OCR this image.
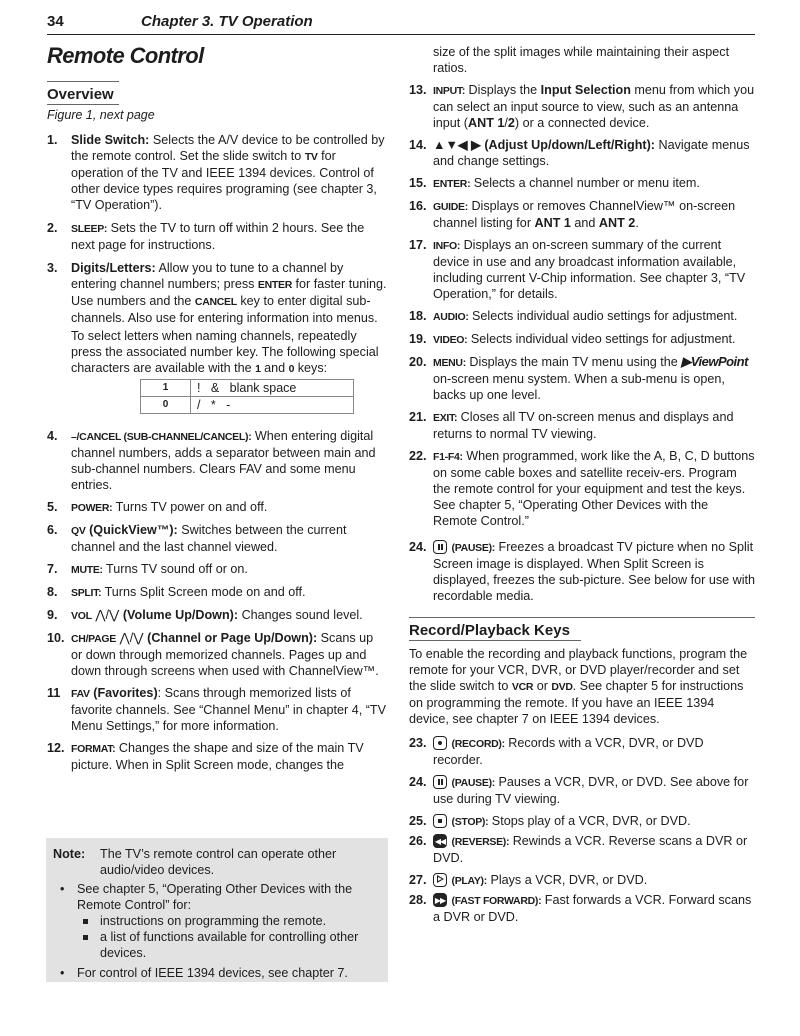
34	Chapter 3. TV Operation
Remote Control
Overview
Figure 1, next page
1. Slide Switch: Selects the A/V device to be controlled by the remote control. Set the slide switch to TV for operation of the TV and IEEE 1394 devices. Control of other device types requires programing (see chapter 3, “TV Operation”).
2. SLEEP: Sets the TV to turn off within 2 hours. See the next page for instructions.
3. Digits/Letters: Allow you to tune to a channel by entering channel numbers; press ENTER for faster tuning. Use numbers and the CANCEL key to enter digital sub-channels. Also use for entering information into menus.
To select letters when naming channels, repeatedly press the associated number key. The following special characters are available with the 1 and 0 keys:
1	!   &   blank space
0	/   *   -
4. –/CANCEL (SUB-CHANNEL/CANCEL): When entering digital channel numbers, adds a separator between main and sub-channel numbers. Clears FAV and some menu entries.
5. POWER: Turns TV power on and off.
6. QV (QuickView™): Switches between the current channel and the last channel viewed.
7. MUTE: Turns TV sound off or on.
8. SPLIT: Turns Split Screen mode on and off.
9. VOL ⋀/⋁ (Volume Up/Down): Changes sound level.
10. CH/PAGE ⋀/⋁ (Channel or Page Up/Down): Scans up or down through memorized channels. Pages up and down through screens when used with ChannelView™.
11 FAV (Favorites): Scans through memorized lists of favorite channels. See “Channel Menu” in chapter 4, “TV Menu Settings,” for more information.
12. FORMAT: Changes the shape and size of the main TV picture. When in Split Screen mode, changes the
Note: The TV’s remote control can operate other audio/video devices.
• See chapter 5, “Operating Other Devices with the Remote Control” for:
instructions on programming the remote.
a list of functions available for controlling other devices.
• For control of IEEE 1394 devices, see chapter 7.
size of the split images while maintaining their aspect ratios.
13. INPUT: Displays the Input Selection menu from which you can select an input source to view, such as an antenna input (ANT 1/2) or a connected device.
14. ▲▼◀ ▶ (Adjust Up/down/Left/Right): Navigate menus and change settings.
15. ENTER: Selects a channel number or menu item.
16. GUIDE: Displays or removes ChannelView™ on-screen channel listing for ANT 1 and ANT 2.
17. INFO: Displays an on-screen summary of the current device in use and any broadcast information available, including current V-Chip information. See chapter 3, “TV Operation,” for details.
18. AUDIO: Selects individual audio settings for adjustment.
19. VIDEO: Selects individual video settings for adjustment.
20. MENU: Displays the main TV menu using the ▶ViewPoint on-screen menu system. When a sub-menu is open, backs up one level.
21. EXIT: Closes all TV on-screen menus and displays and returns to normal TV viewing.
22. F1-F4: When programmed, work like the A, B, C, D buttons on some cable boxes and satellite receiv-ers. Program the remote control for your equipment and test the keys. See chapter 5, “Operating Other Devices with the Remote Control.”
24. (PAUSE): Freezes a broadcast TV picture when no Split Screen image is displayed. When Split Screen is displayed, freezes the sub-picture. See below for use with recordable media.
Record/Playback Keys
To enable the recording and playback functions, program the remote for your VCR, DVR, or DVD player/recorder and set the slide switch to VCR or DVD. See chapter 5 for instructions on programming the remote. If you have an IEEE 1394 device, see chapter 7 on IEEE 1394 devices.
23. (RECORD): Records with a VCR, DVR, or DVD recorder.
24. (PAUSE): Pauses a VCR, DVR, or DVD. See above for use during TV viewing.
25. (STOP): Stops play of a VCR, DVR, or DVD.
26. ◀◀ (REVERSE): Rewinds a VCR. Reverse scans a DVR or DVD.
27. (PLAY): Plays a VCR, DVR, or DVD.
28. ▶▶ (FAST FORWARD): Fast forwards a VCR. Forward scans a DVR or DVD.
